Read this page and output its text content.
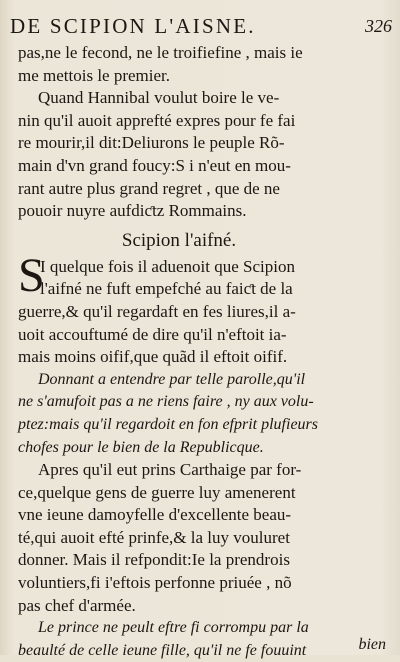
DE SCIPION L'AISNE.	326
pas,ne le fecond, ne le troifiefine , mais ie
me mettois le premier.
Quand Hannibal voulut boire le ve-
nin qu'il auoit apprefté expres pour fe fai
re mourir,il dit:Deliurons le peuple Rõ-
main d'vn grand foucy:S i n'eut en mou-
rant autre plus grand regret , que de ne
pouoir nuyre aufdiƈtz Rommains.
Scipion l'aifné.
S
I quelque fois il aduenoit que Scipion
l'aifné ne fuft empefché au faiƈt de la
guerre,& qu'il regardaft en fes liures,il a-
uoit accouftumé de dire qu'il n'eftoit ia-
mais moins oifif,que quãd il eftoit oifif.
Donnant a entendre par telle parolle,qu'il
ne s'amufoit pas a ne riens faire , ny aux volu-
ptez:mais qu'il regardoit en fon efprit plufieurs
chofes pour le bien de la Republicque.
Apres qu'il eut prins Carthaige par for-
ce,quelque gens de guerre luy amenerent
vne ieune damoyfelle d'excellente beau-
té,qui auoit efté prinfe,& la luy vouluret
donner. Mais il refpondit:Ie la prendrois
voluntiers,fi i'eftois perfonne priuée , nõ
pas chef d'armée.
Le prince ne peult eftre fi corrompu par la
beaulté de celle ieune fille, qu'il ne fe fouuint	bien
